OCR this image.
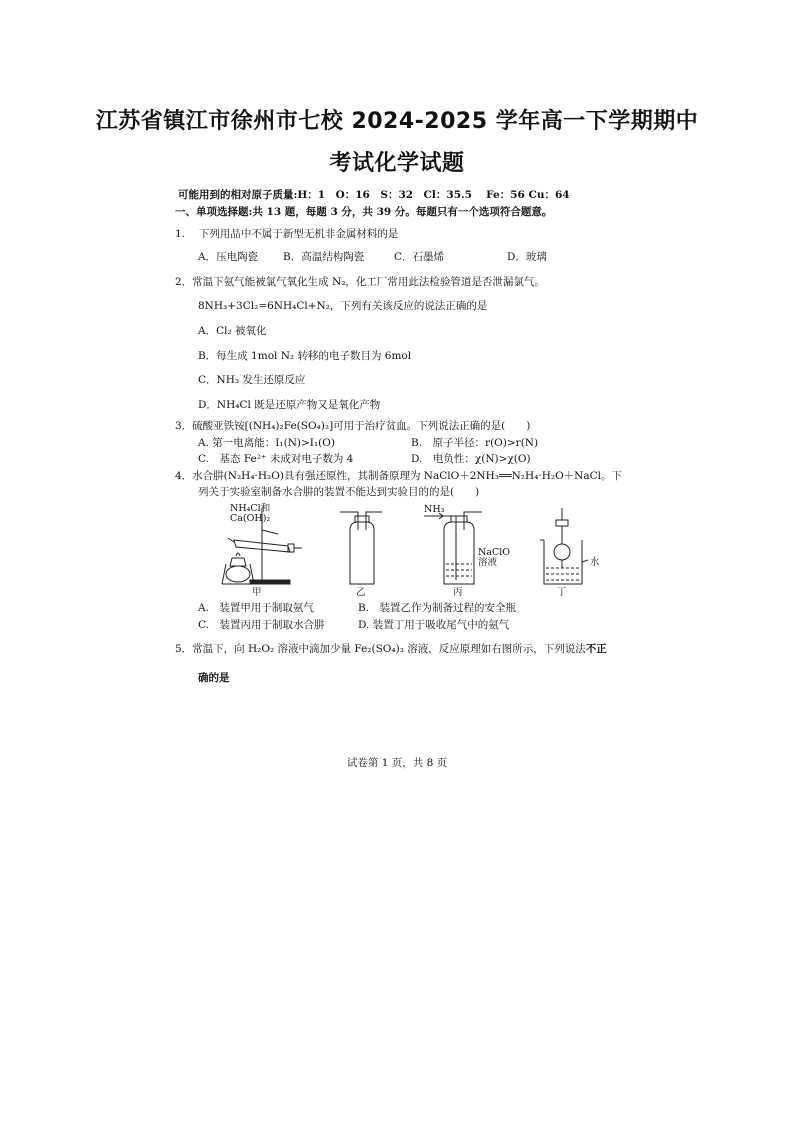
江苏省镇江市徐州市七校 2024-2025 学年高一下学期期中
考试化学试题
可能用到的相对原子质量:H：1　O：16　S：32　Cl：35.5　 Fe：56 Cu：64
一、单项选择题:共 13 题，每题 3 分，共 39 分。每题只有一个选项符合题意。
1.　 下列用品中不属于新型无机非金属材料的是
A．压电陶瓷 B．高温结构陶瓷	C．石墨烯	D．玻璃
2．常温下氨气能被氯气氧化生成 N₂，化工厂常用此法检验管道是否泄漏氯气。
8NH₃+3Cl₂=6NH₄Cl+N₂，下列有关该反应的说法正确的是
A．Cl₂ 被氧化
B．每生成 1mol N₂ 转移的电子数目为 6mol
C．NH₃ 发生还原反应
D．NH₄Cl 既是还原产物又是氧化产物
3．硫酸亚铁铵[(NH₄)₂Fe(SO₄)₂]可用于治疗贫血。下列说法正确的是(　　)
A. 第一电离能：I₁(N)>I₁(O)	B.　原子半径：r(O)>r(N)
C.　基态 Fe²⁺ 未成对电子数为 4	D.　电负性：χ(N)>χ(O)
4．水合肼(N₂H₄·H₂O)具有强还原性，其制备原理为 NaClO＋2NH₃══N₂H₄·H₂O＋NaCl。下
列关于实验室制备水合肼的装置不能达到实验目的的是(　　)
NH₄Cl和
Ca(OH)₂
NH₃
NaClO
溶液	水
甲	乙	丙	丁
A.　装置甲用于制取氨气	B.　装置乙作为制备过程的安全瓶
C.　装置丙用于制取水合肼	D. 装置丁用于吸收尾气中的氨气
5．常温下，向 H₂O₂ 溶液中滴加少量 Fe₂(SO₄)₃ 溶液，反应原理如右图所示，下列说法不正
确的是
试卷第 1 页，共 8 页
